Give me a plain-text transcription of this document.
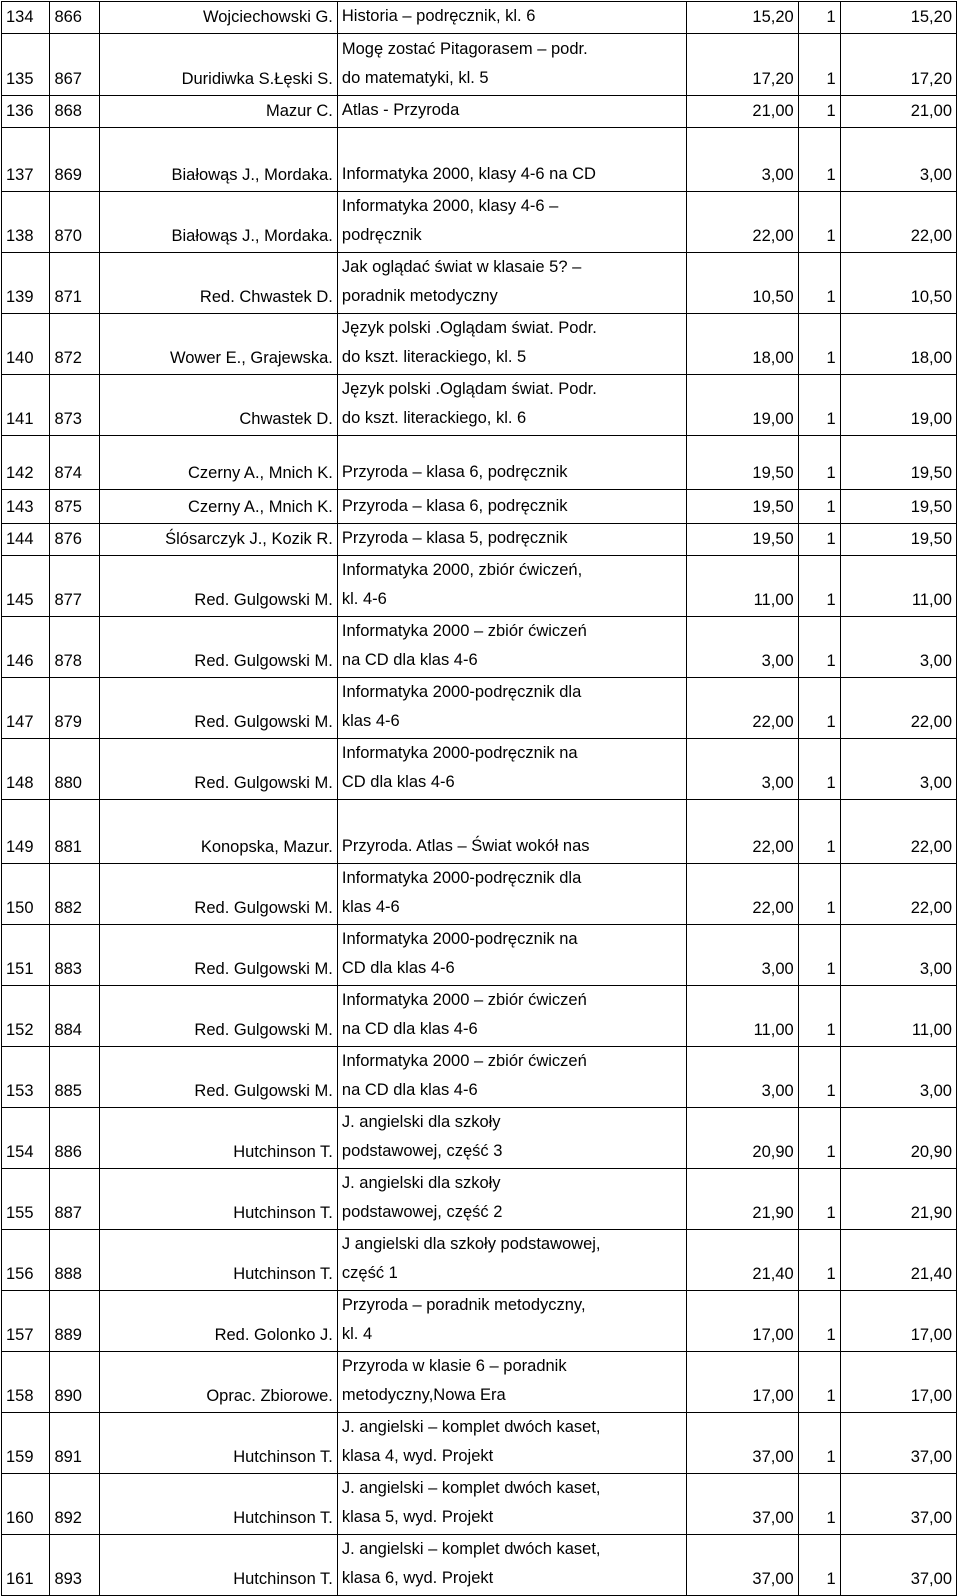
134	866	Wojciechowski G.	Historia – podręcznik, kl. 6	15,20	1	15,20
135	867	Duridiwka S.Łęski S.	Mogę zostać Pitagorasem – podr.
do matematyki, kl. 5	17,20	1	17,20
136	868	Mazur C.	Atlas - Przyroda	21,00	1	21,00
137	869	Białowąs J., Mordaka.	Informatyka 2000, klasy 4-6 na CD	3,00	1	3,00
138	870	Białowąs J., Mordaka.	Informatyka 2000, klasy 4-6 –
podręcznik	22,00	1	22,00
139	871	Red. Chwastek D.	Jak oglądać świat w klasaie 5? –
poradnik metodyczny	10,50	1	10,50
140	872	Wower E., Grajewska.	Język polski .Oglądam świat. Podr.
do kszt. literackiego, kl. 5	18,00	1	18,00
141	873	Chwastek D.	Język polski .Oglądam świat. Podr.
do kszt. literackiego, kl. 6	19,00	1	19,00
142	874	Czerny A., Mnich K.	Przyroda – klasa 6, podręcznik	19,50	1	19,50
143	875	Czerny A., Mnich K.	Przyroda – klasa 6, podręcznik	19,50	1	19,50
144	876	Ślósarczyk J., Kozik R.	Przyroda – klasa 5, podręcznik	19,50	1	19,50
145	877	Red. Gulgowski M.	Informatyka 2000, zbiór ćwiczeń,
kl. 4-6	11,00	1	11,00
146	878	Red. Gulgowski M.	Informatyka 2000 – zbiór ćwiczeń
na CD dla klas 4-6	3,00	1	3,00
147	879	Red. Gulgowski M.	Informatyka 2000-podręcznik dla
klas 4-6	22,00	1	22,00
148	880	Red. Gulgowski M.	Informatyka 2000-podręcznik na
CD dla klas 4-6	3,00	1	3,00
149	881	Konopska, Mazur.	Przyroda. Atlas – Świat wokół nas	22,00	1	22,00
150	882	Red. Gulgowski M.	Informatyka 2000-podręcznik dla
klas 4-6	22,00	1	22,00
151	883	Red. Gulgowski M.	Informatyka 2000-podręcznik na
CD dla klas 4-6	3,00	1	3,00
152	884	Red. Gulgowski M.	Informatyka 2000 – zbiór ćwiczeń
na CD dla klas 4-6	11,00	1	11,00
153	885	Red. Gulgowski M.	Informatyka 2000 – zbiór ćwiczeń
na CD dla klas 4-6	3,00	1	3,00
154	886	Hutchinson T.	J. angielski dla szkoły
podstawowej, część 3	20,90	1	20,90
155	887	Hutchinson T.	J. angielski dla szkoły
podstawowej, część 2	21,90	1	21,90
156	888	Hutchinson T.	J angielski dla szkoły podstawowej,
część 1	21,40	1	21,40
157	889	Red. Golonko J.	Przyroda – poradnik metodyczny,
kl. 4	17,00	1	17,00
158	890	Oprac. Zbiorowe.	Przyroda w klasie 6 – poradnik
metodyczny,Nowa Era	17,00	1	17,00
159	891	Hutchinson T.	J. angielski – komplet dwóch kaset,
klasa 4, wyd. Projekt	37,00	1	37,00
160	892	Hutchinson T.	J. angielski – komplet dwóch kaset,
klasa 5, wyd. Projekt	37,00	1	37,00
161	893	Hutchinson T.	J. angielski – komplet dwóch kaset,
klasa 6, wyd. Projekt	37,00	1	37,00
